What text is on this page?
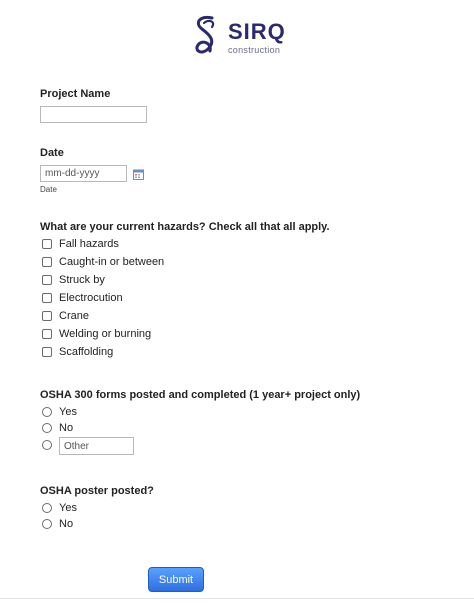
SIRQ
construction
Project Name
Date
mm-dd-yyyy
Date
What are your current hazards? Check all that all apply.
Fall hazards
Caught-in or between
Struck by
Electrocution
Crane
Welding or burning
Scaffolding
OSHA 300 forms posted and completed (1 year+ project only)
Yes
No
Other
OSHA poster posted?
Yes
No
Submit
